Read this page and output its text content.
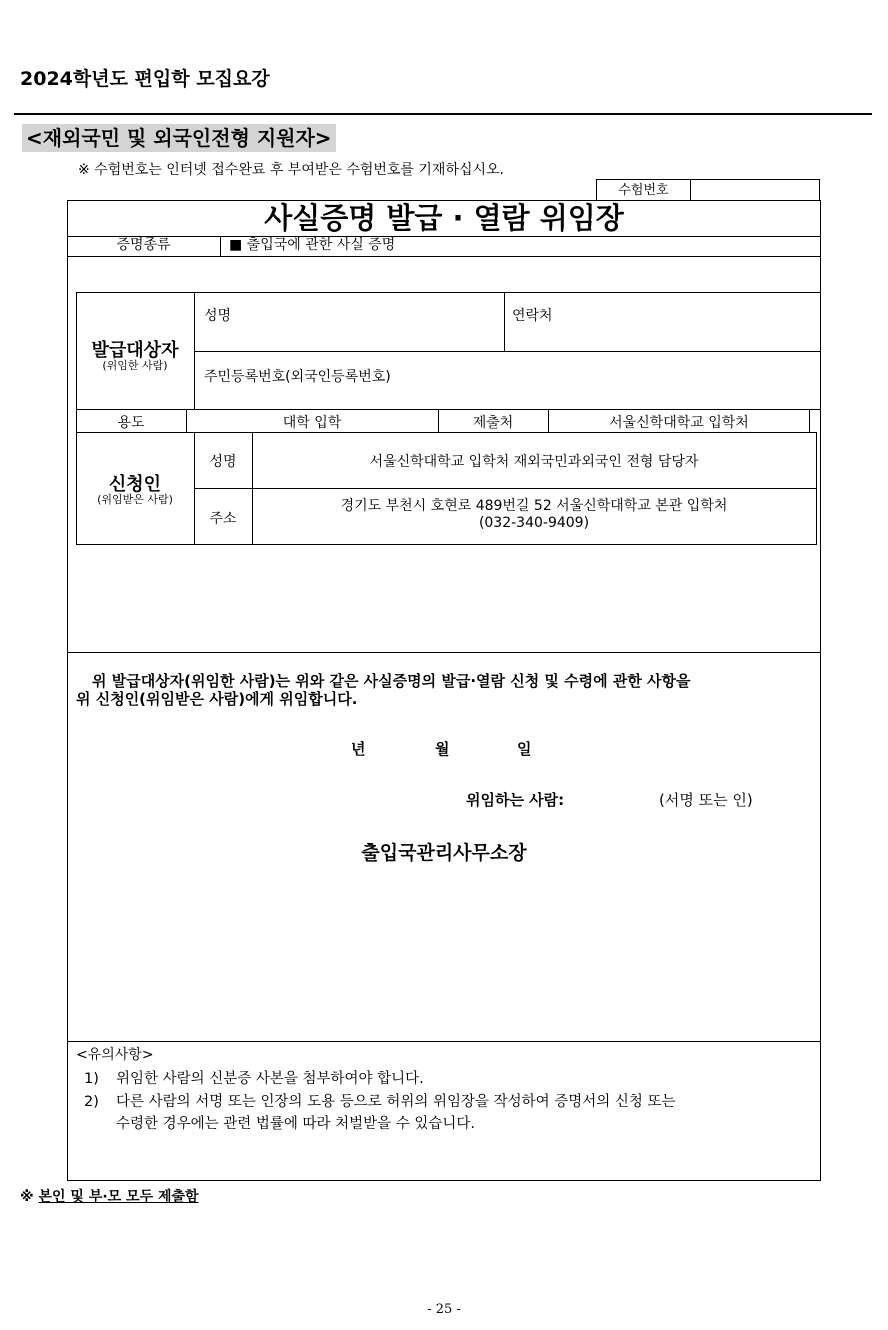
2024학년도 편입학 모집요강
<재외국민 및 외국인전형 지원자>
※ 수험번호는 인터넷 접수완료 후 부여받은 수험번호를 기재하십시오.
수험번호
사실증명 발급 · 열람 위임장
증명종류	■ 출입국에 관한 사실 증명
발급대상자
(위임한 사람)
성명	연락처
주민등록번호(외국인등록번호)
용도	대학 입학	제출처	서울신학대학교 입학처
신청인
(위임받은 사람)
성명	서울신학대학교 입학처 재외국민과외국인 전형 담당자
주소
경기도 부천시 호현로 489번길 52 서울신학대학교 본관 입학처
(032-340-9409)
위 발급대상자(위임한 사람)는 위와 같은 사실증명의 발급·열람 신청 및 수령에 관한 사항을
위 신청인(위임받은 사람)에게 위임합니다.
년	월	일
위임하는 사람:	(서명 또는 인)
출입국관리사무소장
<유의사항>
1) 위임한 사람의 신분증 사본을 첨부하여야 합니다.
2) 다른 사람의 서명 또는 인장의 도용 등으로 허위의 위임장을 작성하여 증명서의 신청 또는
수령한 경우에는 관련 법률에 따라 처벌받을 수 있습니다.
※ 본인 및 부·모 모두 제출함
- 25 -
